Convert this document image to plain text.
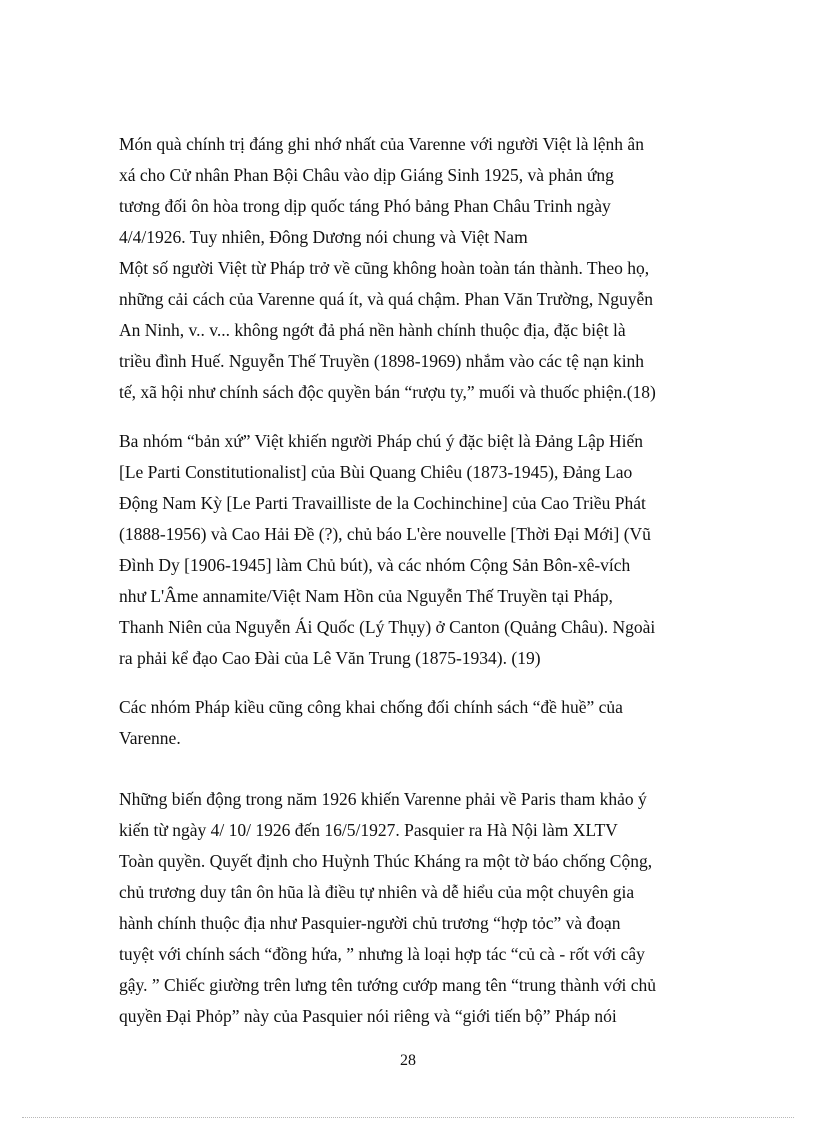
Món quà chính trị đáng ghi nhớ nhất của Varenne với người Việt là lệnh ân
xá cho Cử nhân Phan Bội Châu vào dịp Giáng Sinh 1925, và phản ứng
tương đối ôn hòa trong dịp quốc táng Phó bảng Phan Châu Trinh ngày
4/4/1926. Tuy nhiên, Đông Dương nói chung và Việt Nam
Một số người Việt từ Pháp trở về cũng không hoàn toàn tán thành. Theo họ,
những cải cách của Varenne quá ít, và quá chậm. Phan Văn Trường, Nguyễn
An Ninh, v.. v... không ngớt đả phá nền hành chính thuộc địa, đặc biệt là
triều đình Huế. Nguyễn Thế Truyền (1898-1969) nhắm vào các tệ nạn kinh
tế, xã hội như chính sách độc quyền bán “rượu ty,” muối và thuốc phiện.(18)
Ba nhóm “bản xứ” Việt khiến người Pháp chú ý đặc biệt là Đảng Lập Hiến
[Le Parti Constitutionalist] của Bùi Quang Chiêu (1873-1945), Đảng Lao
Động Nam Kỳ [Le Parti Travailliste de la Cochinchine] của Cao Triều Phát
(1888-1956) và Cao Hải Đề (?), chủ báo L'ère nouvelle [Thời Đại Mới] (Vũ
Đình Dy [1906-1945] làm Chủ bút), và các nhóm Cộng Sản Bôn-xê-vích
như L'Âme annamite/Việt Nam Hồn của Nguyễn Thế Truyền tại Pháp,
Thanh Niên của Nguyễn Ái Quốc (Lý Thụy) ở Canton (Quảng Châu). Ngoài
ra phải kể đạo Cao Đài của Lê Văn Trung (1875-1934). (19)
Các nhóm Pháp kiều cũng công khai chống đối chính sách “đề huề” của
Varenne.
Những biến động trong năm 1926 khiến Varenne phải về Paris tham khảo ý
kiến từ ngày 4/ 10/ 1926 đến 16/5/1927. Pasquier ra Hà Nội làm XLTV
Toàn quyền. Quyết định cho Huỳnh Thúc Kháng ra một tờ báo chống Cộng,
chủ trương duy tân ôn hũa là điều tự nhiên và dễ hiểu của một chuyên gia
hành chính thuộc địa như Pasquier-người chủ trương “hợp tỏc” và đoạn
tuyệt với chính sách “đồng hứa, ” nhưng là loại hợp tác “củ cà - rốt với cây
gậy. ” Chiếc giường trên lưng tên tướng cướp mang tên “trung thành với chủ
quyền Đại Phỏp” này của Pasquier nói riêng và “giới tiến bộ” Pháp nói
28
